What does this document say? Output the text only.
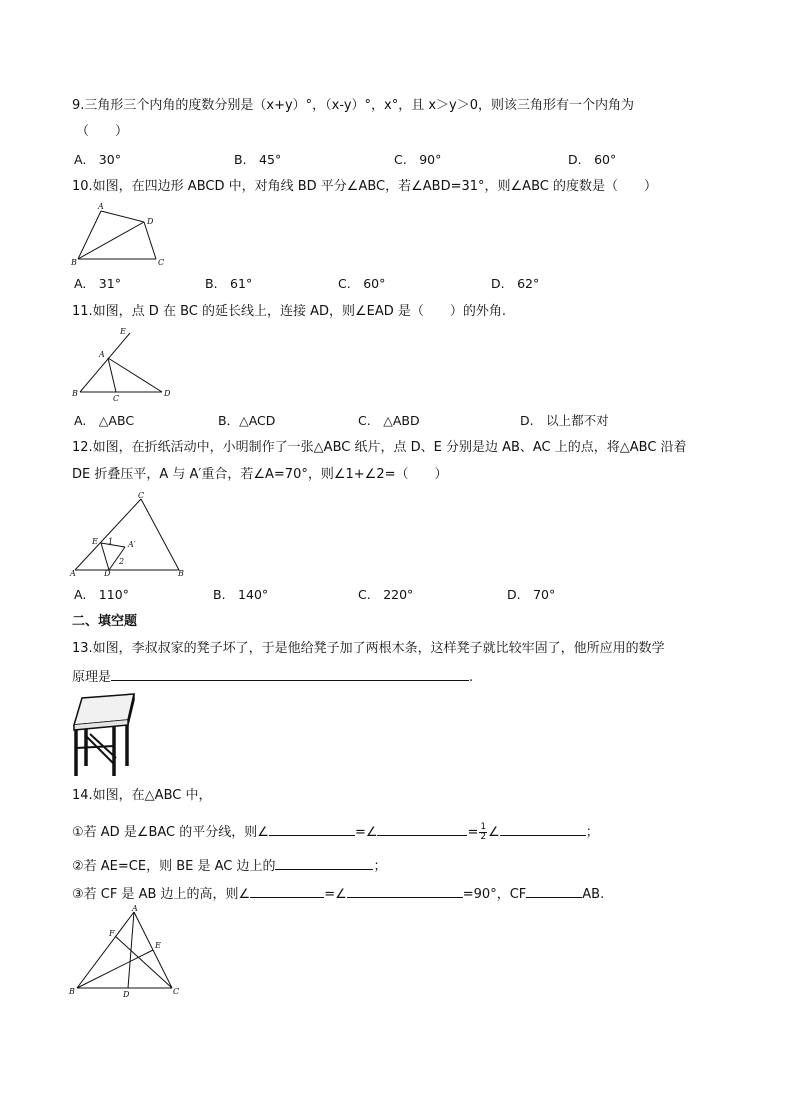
9.三角形三个内角的度数分别是（x+y）°，（x-y）°，x°，且 x＞y＞0，则该三角形有一个内角为
（　　）
A.　30°	B.　45°	C.　90°	D.　60°
10.如图，在四边形 ABCD 中，对角线 BD 平分∠ABC，若∠ABD=31°，则∠ABC 的度数是（　　）
A
D
B	C
A.　31°	B.　61°	C.　60°	D.　62°
11.如图，点 D 在 BC 的延长线上，连接 AD，则∠EAD 是（　　）的外角.
E
A
B
C
D
A.　△ABC	B．△ACD	C.　△ABD	D.　以上都不对
12.如图，在折纸活动中，小明制作了一张△ABC 纸片，点 D、E 分别是边 AB、AC 上的点，将△ABC 沿着
DE 折叠压平，A 与 A′重合，若∠A=70°，则∠1+∠2=（　　）
C
E 1 A′
2
A	D	B
A.　110°	B.　140°	C.　220°	D.　70°
二、填空题
13.如图，李叔叔家的凳子坏了，于是他给凳子加了两根木条，这样凳子就比较牢固了，他所应用的数学
原理是	.
14.如图，在△ABC 中，
①若 AD 是∠BAC 的平分线，则∠	=∠	= $\frac{1}{2}$ ∠	；
②若 AE=CE，则 BE 是 AC 边上的	；
③若 CF 是 AB 边上的高，则∠	=∠	=90°，CF	AB.
A
F
E
B	D	C
